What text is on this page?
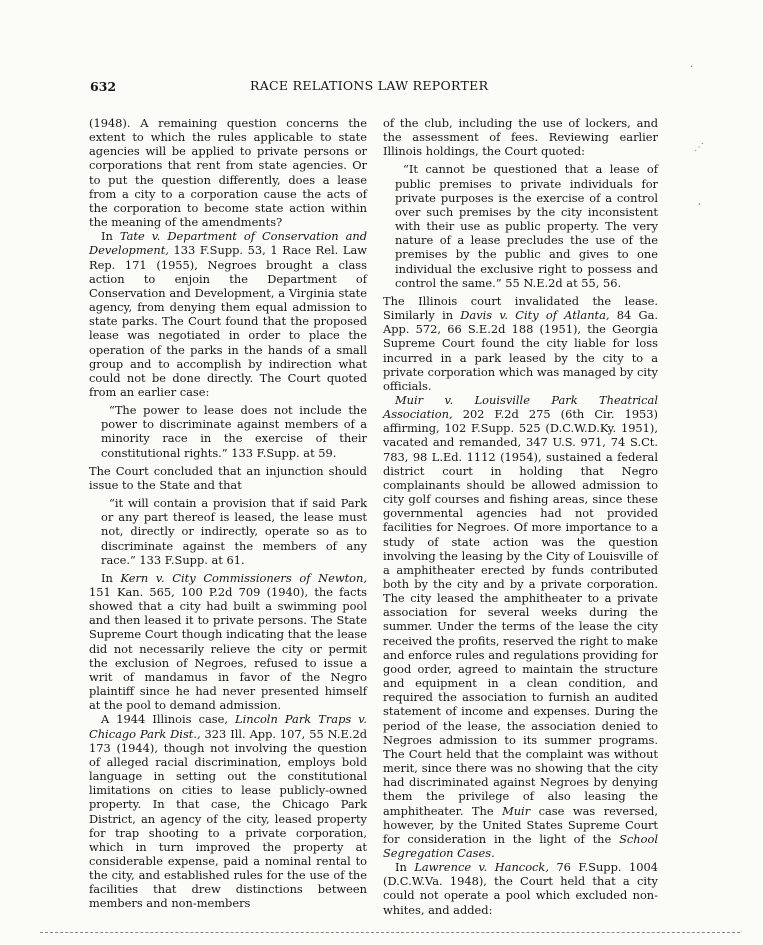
632	RACE RELATIONS LAW REPORTER

(1948). A remaining question concerns the extent to which the rules applicable to state agencies will be applied to private persons or corporations that rent from state agencies. Or to put the question differently, does a lease from a city to a corporation cause the acts of the corporation to become state action within the meaning of the amendments?

In Tate v. Department of Conservation and Development, 133 F.Supp. 53, 1 Race Rel. Law Rep. 171 (1955), Negroes brought a class action to enjoin the Department of Conservation and Development, a Virginia state agency, from denying them equal admission to state parks. The Court found that the proposed lease was negotiated in order to place the operation of the parks in the hands of a small group and to accomplish by indirection what could not be done directly. The Court quoted from an earlier case:

“The power to lease does not include the power to discriminate against members of a minority race in the exercise of their constitutional rights.” 133 F.Supp. at 59.

The Court concluded that an injunction should issue to the State and that

“it will contain a provision that if said Park or any part thereof is leased, the lease must not, directly or indirectly, operate so as to discriminate against the members of any race.” 133 F.Supp. at 61.

In Kern v. City Commissioners of Newton, 151 Kan. 565, 100 P.2d 709 (1940), the facts showed that a city had built a swimming pool and then leased it to private persons. The State Supreme Court though indicating that the lease did not necessarily relieve the city or permit the exclusion of Negroes, refused to issue a writ of mandamus in favor of the Negro plaintiff since he had never presented himself at the pool to demand admission.

A 1944 Illinois case, Lincoln Park Traps v. Chicago Park Dist., 323 Ill. App. 107, 55 N.E.2d 173 (1944), though not involving the question of alleged racial discrimination, employs bold language in setting out the constitutional limitations on cities to lease publicly-owned property. In that case, the Chicago Park District, an agency of the city, leased property for trap shooting to a private corporation, which in turn improved the property at considerable expense, paid a nominal rental to the city, and established rules for the use of the facilities that drew distinctions between members and non-members

of the club, including the use of lockers, and the assessment of fees. Reviewing earlier Illinois holdings, the Court quoted:

“It cannot be questioned that a lease of public premises to private individuals for private purposes is the exercise of a control over such premises by the city inconsistent with their use as public property. The very nature of a lease precludes the use of the premises by the public and gives to one individual the exclusive right to possess and control the same.” 55 N.E.2d at 55, 56.

The Illinois court invalidated the lease. Similarly in Davis v. City of Atlanta, 84 Ga. App. 572, 66 S.E.2d 188 (1951), the Georgia Supreme Court found the city liable for loss incurred in a park leased by the city to a private corporation which was managed by city officials.

Muir v. Louisville Park Theatrical Association, 202 F.2d 275 (6th Cir. 1953) affirming, 102 F.Supp. 525 (D.C.W.D.Ky. 1951), vacated and remanded, 347 U.S. 971, 74 S.Ct. 783, 98 L.Ed. 1112 (1954), sustained a federal district court in holding that Negro complainants should be allowed admission to city golf courses and fishing areas, since these governmental agencies had not provided facilities for Negroes. Of more importance to a study of state action was the question involving the leasing by the City of Louisville of a amphitheater erected by funds contributed both by the city and by a private corporation. The city leased the amphitheater to a private association for several weeks during the summer. Under the terms of the lease the city received the profits, reserved the right to make and enforce rules and regulations providing for good order, agreed to maintain the structure and equipment in a clean condition, and required the association to furnish an audited statement of income and expenses. During the period of the lease, the association denied to Negroes admission to its summer programs. The Court held that the complaint was without merit, since there was no showing that the city had discriminated against Negroes by denying them the privilege of also leasing the amphitheater. The Muir case was reversed, however, by the United States Supreme Court for consideration in the light of the School Segregation Cases.

In Lawrence v. Hancock, 76 F.Supp. 1004 (D.C.W.Va. 1948), the Court held that a city could not operate a pool which excluded non-whites, and added:

·
⋰
,
